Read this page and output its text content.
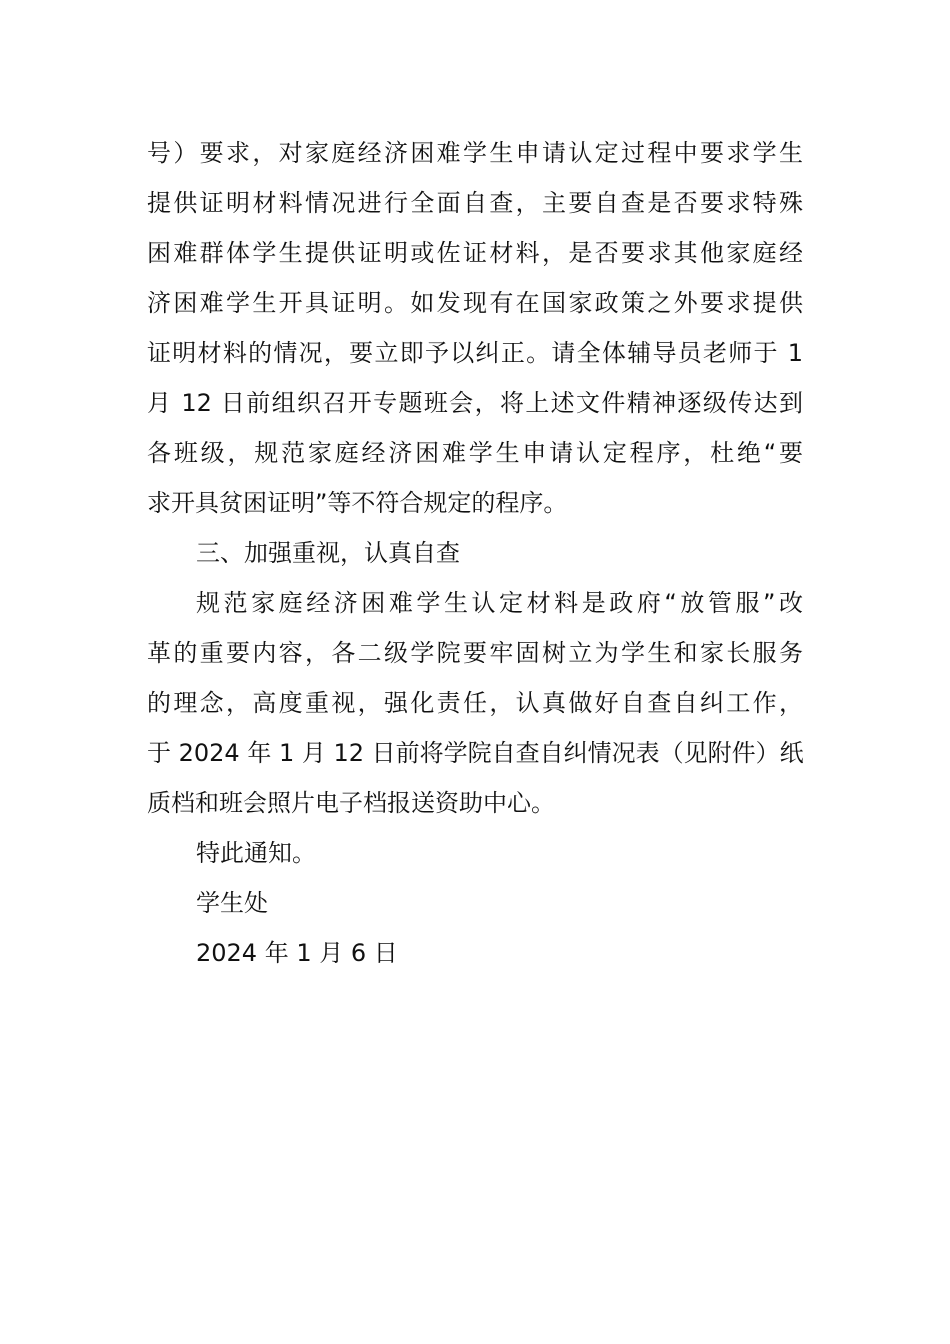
号）要求，对家庭经济困难学生申请认定过程中要求学生
提供证明材料情况进行全面自查，主要自查是否要求特殊
困难群体学生提供证明或佐证材料，是否要求其他家庭经
济困难学生开具证明。如发现有在国家政策之外要求提供
证明材料的情况，要立即予以纠正。请全体辅导员老师于 1
月 12 日前组织召开专题班会，将上述文件精神逐级传达到
各班级，规范家庭经济困难学生申请认定程序，杜绝“要
求开具贫困证明”等不符合规定的程序。
三、加强重视，认真自查
规范家庭经济困难学生认定材料是政府“放管服”改
革的重要内容，各二级学院要牢固树立为学生和家长服务
的理念，高度重视，强化责任，认真做好自查自纠工作，
于 2024 年 1 月 12 日前将学院自查自纠情况表（见附件）纸
质档和班会照片电子档报送资助中心。
特此通知。
学生处
2024 年 1 月 6 日
